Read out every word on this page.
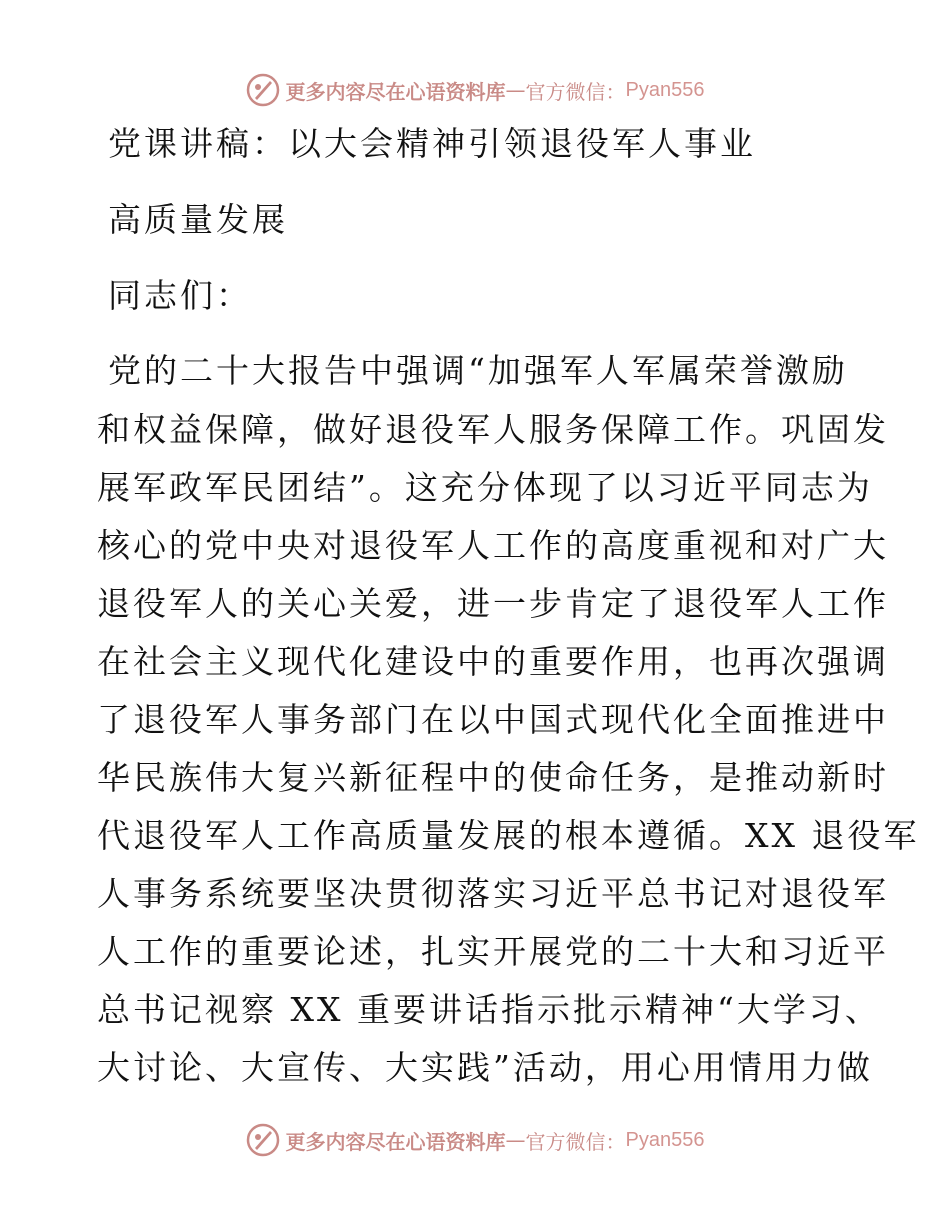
更多内容尽在心语资料库 — 官方微信： Pyan556
党课讲稿：以大会精神引领退役军人事业
高质量发展
同志们：
党的二十大报告中强调“加强军人军属荣誉激励
和权益保障，做好退役军人服务保障工作。巩固发
展军政军民团结”。这充分体现了以习近平同志为
核心的党中央对退役军人工作的高度重视和对广大
退役军人的关心关爱，进一步肯定了退役军人工作
在社会主义现代化建设中的重要作用，也再次强调
了退役军人事务部门在以中国式现代化全面推进中
华民族伟大复兴新征程中的使命任务，是推动新时
代退役军人工作高质量发展的根本遵循。XX 退役军
人事务系统要坚决贯彻落实习近平总书记对退役军
人工作的重要论述，扎实开展党的二十大和习近平
总书记视察 XX 重要讲话指示批示精神“大学习、
大讨论、大宣传、大实践”活动，用心用情用力做
更多内容尽在心语资料库 — 官方微信： Pyan556
